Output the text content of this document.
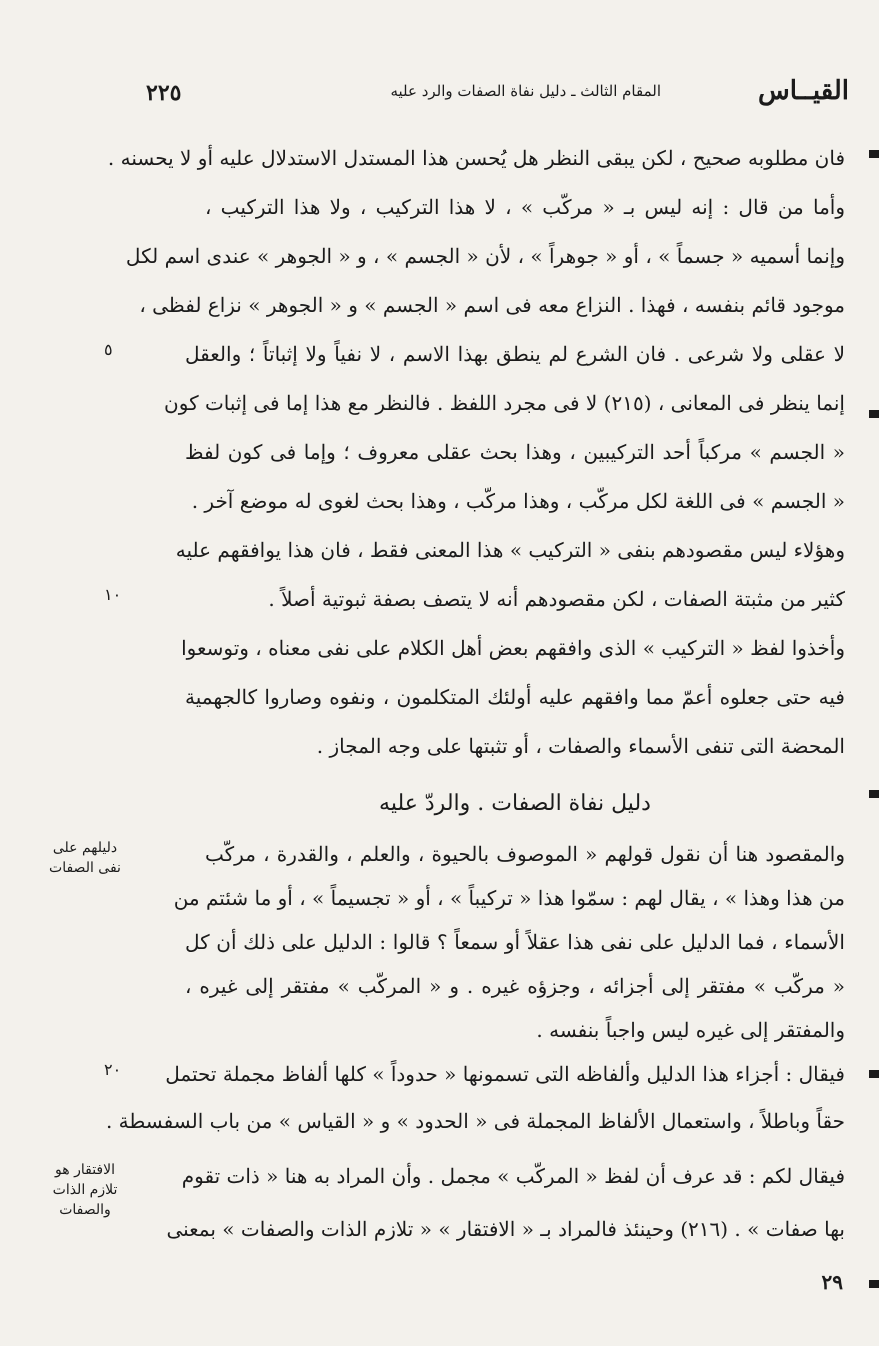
القيــاس
المقام الثالث ـ دليل نفاة الصفات والرد عليه
٢٢٥
فان مطلوبه صحيح ، لكن يبقى النظر هل يُحسن هذا المستدل الاستدلال عليه أو لا يحسنه .
وأما من قال : إنه ليس بـ « مركّب » ، لا هذا التركيب ، ولا هذا التركيب ،
وإنما أسميه « جسماً » ، أو « جوهراً » ، لأن « الجسم » ، و « الجوهر » عندى اسم لكل
موجود قائم بنفسه ، فهذا . النزاع معه فى اسم « الجسم » و « الجوهر » نزاع لفظى ،
لا عقلى ولا شرعى . فان الشرع لم ينطق بهذا الاسم ، لا نفياً ولا إثباتاً ؛ والعقل
إنما ينظر فى المعانى ، (٢١٥) لا فى مجرد اللفظ . فالنظر مع هذا إما فى إثبات كون
« الجسم » مركباً أحد التركيبين ، وهذا بحث عقلى معروف ؛ وإما فى كون لفظ
« الجسم » فى اللغة لكل مركّب ، وهذا مركّب ، وهذا بحث لغوى له موضع آخر .
وهؤلاء ليس مقصودهم بنفى « التركيب » هذا المعنى فقط ، فان هذا يوافقهم عليه
كثير من مثبتة الصفات ، لكن مقصودهم أنه لا يتصف بصفة ثبوتية أصلاً .
وأخذوا لفظ « التركيب » الذى وافقهم بعض أهل الكلام على نفى معناه ، وتوسعوا
فيه حتى جعلوه أعمّ مما وافقهم عليه أولئك المتكلمون ، ونفوه وصاروا كالجهمية
المحضة التى تنفى الأسماء والصفات ، أو تثبتها على وجه المجاز .
دليل نفاة الصفات . والردّ عليه
والمقصود هنا أن نقول قولهم « الموصوف بالحيوة ، والعلم ، والقدرة ، مركّب
من هذا وهذا » ، يقال لهم : سمّوا هذا « تركيباً » ، أو « تجسيماً » ، أو ما شئتم من
الأسماء ، فما الدليل على نفى هذا عقلاً أو سمعاً ؟ قالوا : الدليل على ذلك أن كل
« مركّب » مفتقر إلى أجزائه ، وجزؤه غيره . و « المركّب » مفتقر إلى غيره ،
والمفتقر إلى غيره ليس واجباً بنفسه .
٥
١٠
دليلهم على نفى الصفات
٢٩
فيقال : أجزاء هذا الدليل وألفاظه التى تسمونها « حدوداً » كلها ألفاظ مجملة تحتمل
حقاً وباطلاً ، واستعمال الألفاظ المجملة فى « الحدود » و « القياس » من باب السفسطة .
فيقال لكم : قد عرف أن لفظ « المركّب » مجمل . وأن المراد به هنا « ذات تقوم
بها صفات » . (٢١٦) وحينئذ فالمراد بـ « الافتقار » « تلازم الذات والصفات » بمعنى
٢٠
الافتقار هو تلازم الذات والصفات
